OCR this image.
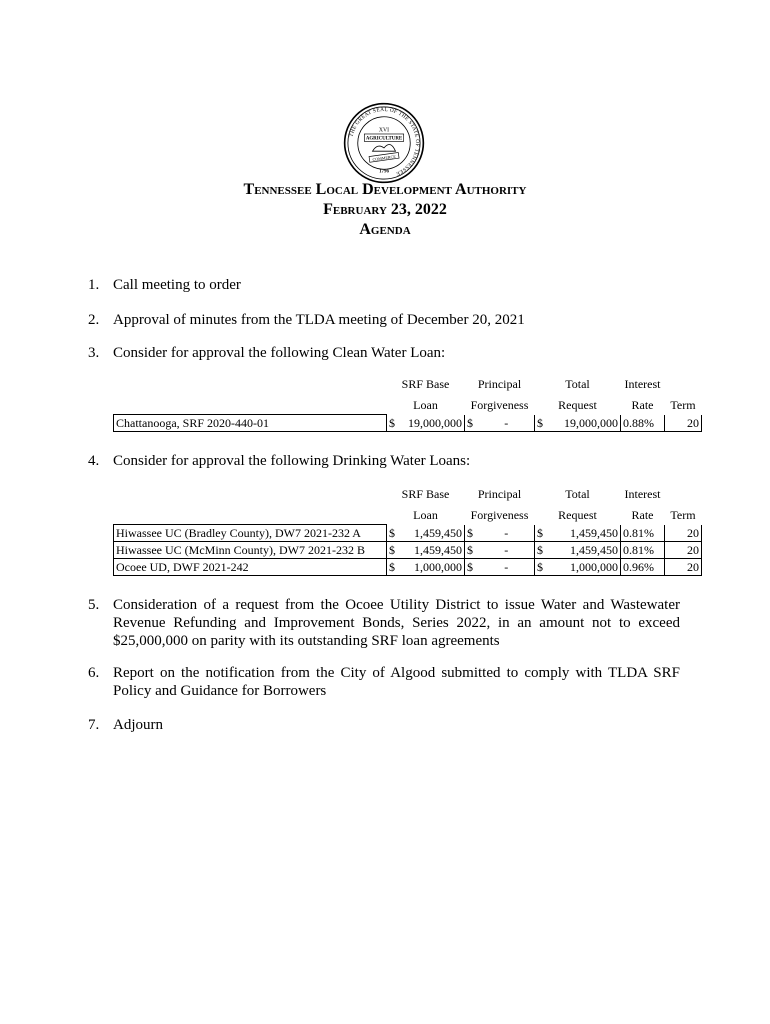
THE GREAT SEAL OF THE STATE OF TENNESSEE
XVI
AGRICULTURE
COMMERCE
1796
Tennessee Local Development Authority
February 23, 2022
Agenda
1. Call meeting to order
2. Approval of minutes from the TLDA meeting of December 20, 2021
3. Consider for approval the following Clean Water Loan:
	SRF Base		Principal		Total		Interest	
	Loan		Forgiveness		Request		Rate	Term
Chattanooga, SRF 2020-440-01	$	19,000,000	$	-	$	19,000,000	0.88%	20
4. Consider for approval the following Drinking Water Loans:
	SRF Base		Principal		Total		Interest	
	Loan		Forgiveness		Request		Rate	Term
Hiwassee UC (Bradley County), DW7 2021-232 A	$	1,459,450	$	-	$	1,459,450	0.81%	20
Hiwassee UC (McMinn County), DW7 2021-232 B	$	1,459,450	$	-	$	1,459,450	0.81%	20
Ocoee UD, DWF 2021-242	$	1,000,000	$	-	$	1,000,000	0.96%	20
5. Consideration of a request from the Ocoee Utility District to issue Water and Wastewater Revenue Refunding and Improvement Bonds, Series 2022, in an amount not to exceed $25,000,000 on parity with its outstanding SRF loan agreements
6. Report on the notification from the City of Algood submitted to comply with TLDA SRF Policy and Guidance for Borrowers
7. Adjourn
